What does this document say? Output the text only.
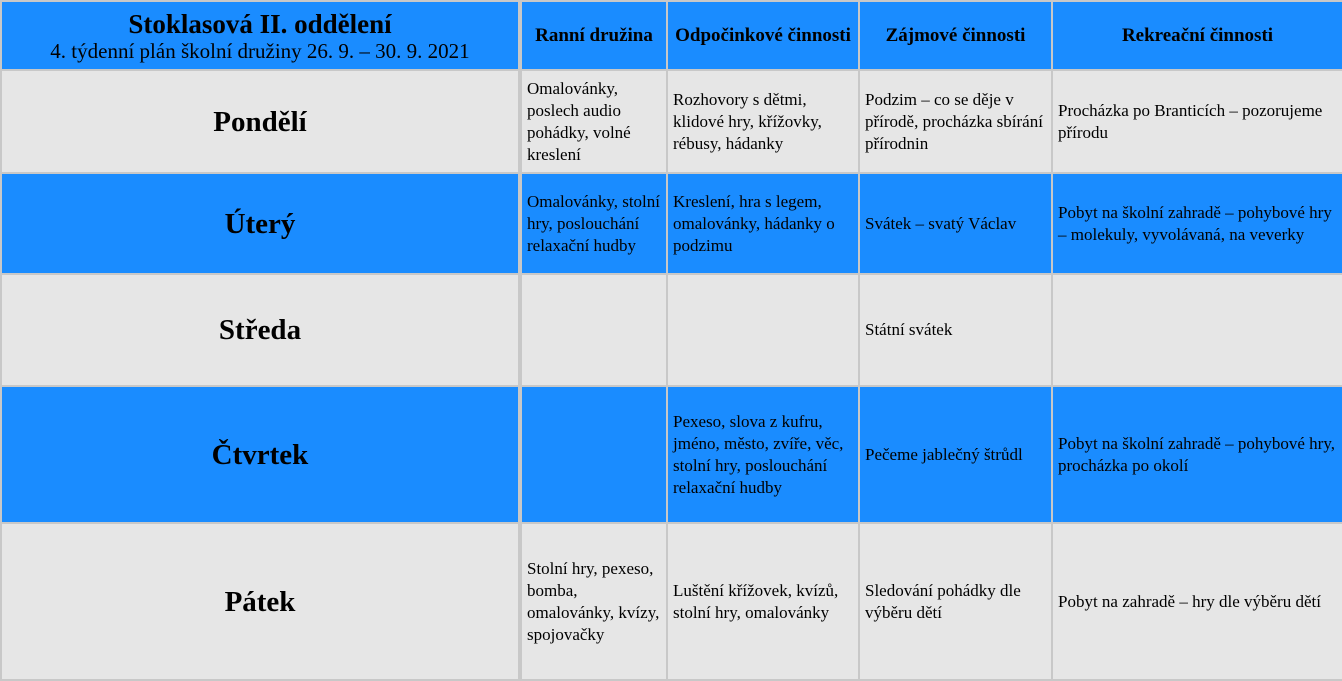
Stoklasová II. oddělení
4. týdenní plán školní družiny 26. 9. – 30. 9. 2021	Ranní družina	Odpočinkové činnosti	Zájmové činnosti	Rekreační činnosti
Pondělí	Omalovánky, poslech audio pohádky, volné kreslení	Rozhovory s dětmi, klidové hry, křížovky, rébusy, hádanky	Podzim – co se děje v přírodě, procházka sbírání přírodnin	Procházka po Branticích – pozorujeme přírodu
Úterý	Omalovánky, stolní hry, poslouchání relaxační hudby	Kreslení, hra s legem, omalovánky, hádanky o podzimu	Svátek – svatý Václav	Pobyt na školní zahradě – pohybové hry – molekuly, vyvolávaná, na veverky
Středa			Státní svátek	
Čtvrtek		Pexeso, slova z kufru, jméno, město, zvíře, věc, stolní hry, poslouchání relaxační hudby	Pečeme jablečný štrůdl	Pobyt na školní zahradě – pohybové hry, procházka po okolí
Pátek	Stolní hry, pexeso, bomba, omalovánky, kvízy, spojovačky	Luštění křížovek, kvízů, stolní hry, omalovánky	Sledování pohádky dle výběru dětí	Pobyt na zahradě – hry dle výběru dětí
